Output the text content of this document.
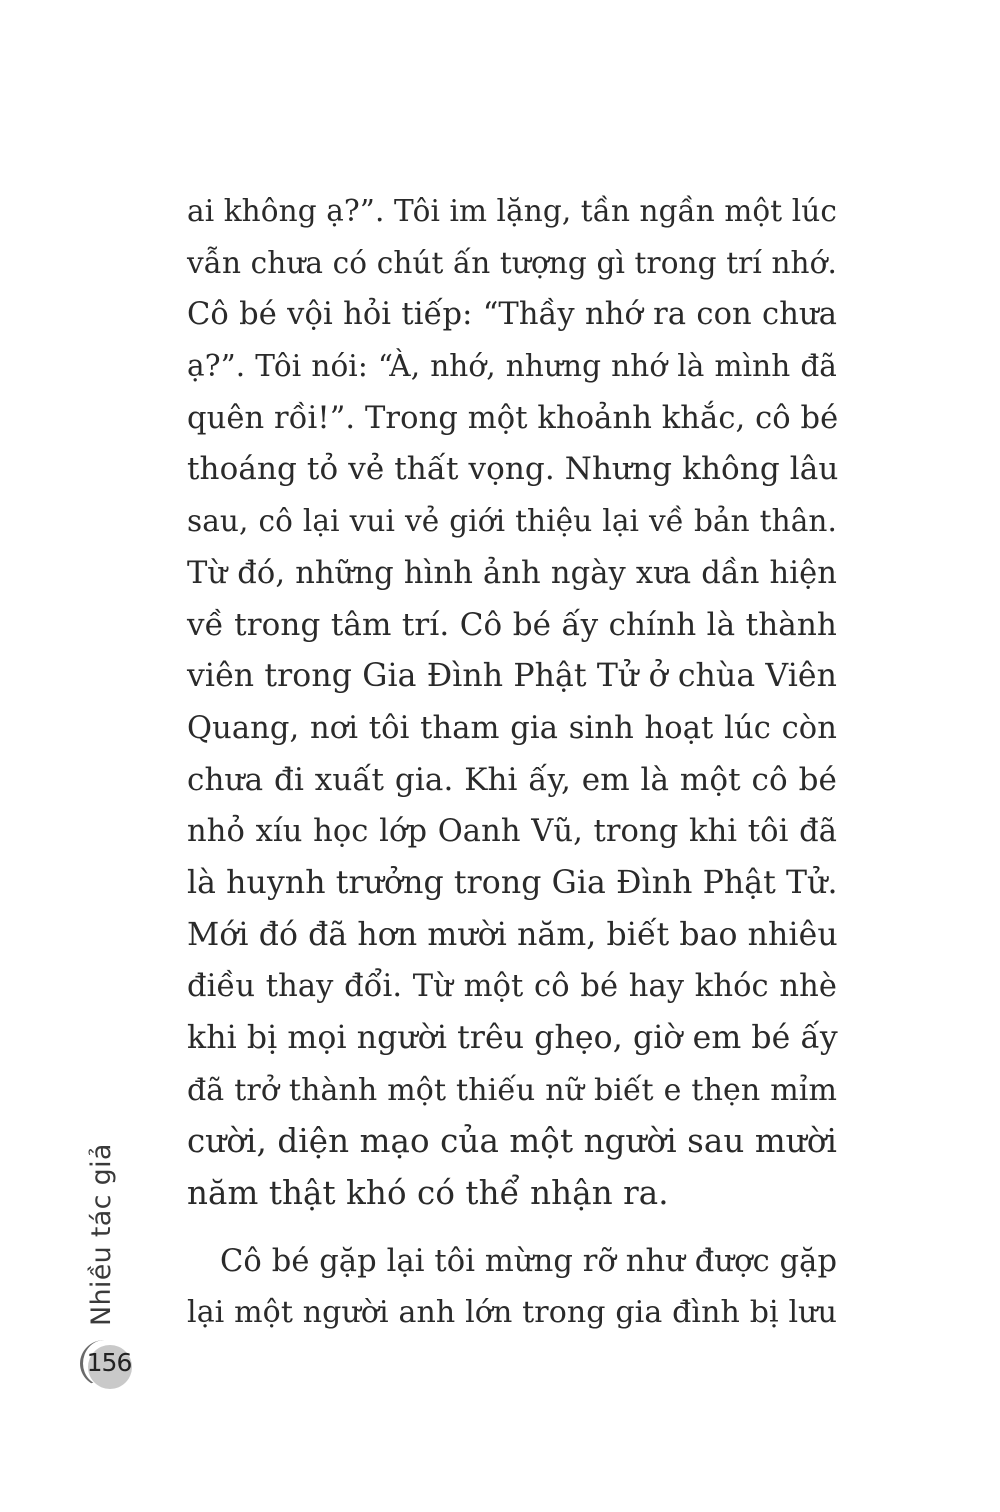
ai không ạ?”. Tôi im lặng, tần ngần một lúc
vẫn chưa có chút ấn tượng gì trong trí nhớ.
Cô bé vội hỏi tiếp: “Thầy nhớ ra con chưa
ạ?”. Tôi nói: “À, nhớ, nhưng nhớ là mình đã
quên rồi!”. Trong một khoảnh khắc, cô bé
thoáng tỏ vẻ thất vọng. Nhưng không lâu
sau, cô lại vui vẻ giới thiệu lại về bản thân.
Từ đó, những hình ảnh ngày xưa dần hiện
về trong tâm trí. Cô bé ấy chính là thành
viên trong Gia Đình Phật Tử ở chùa Viên
Quang, nơi tôi tham gia sinh hoạt lúc còn
chưa đi xuất gia. Khi ấy, em là một cô bé
nhỏ xíu học lớp Oanh Vũ, trong khi tôi đã
là huynh trưởng trong Gia Đình Phật Tử.
Mới đó đã hơn mười năm, biết bao nhiêu
điều thay đổi. Từ một cô bé hay khóc nhè
khi bị mọi người trêu ghẹo, giờ em bé ấy
đã trở thành một thiếu nữ biết e thẹn mỉm
cười, diện mạo của một người sau mười
năm thật khó có thể nhận ra.
Cô bé gặp lại tôi mừng rỡ như được gặp
lại một người anh lớn trong gia đình bị lưu
Nhiều tác giả
156
